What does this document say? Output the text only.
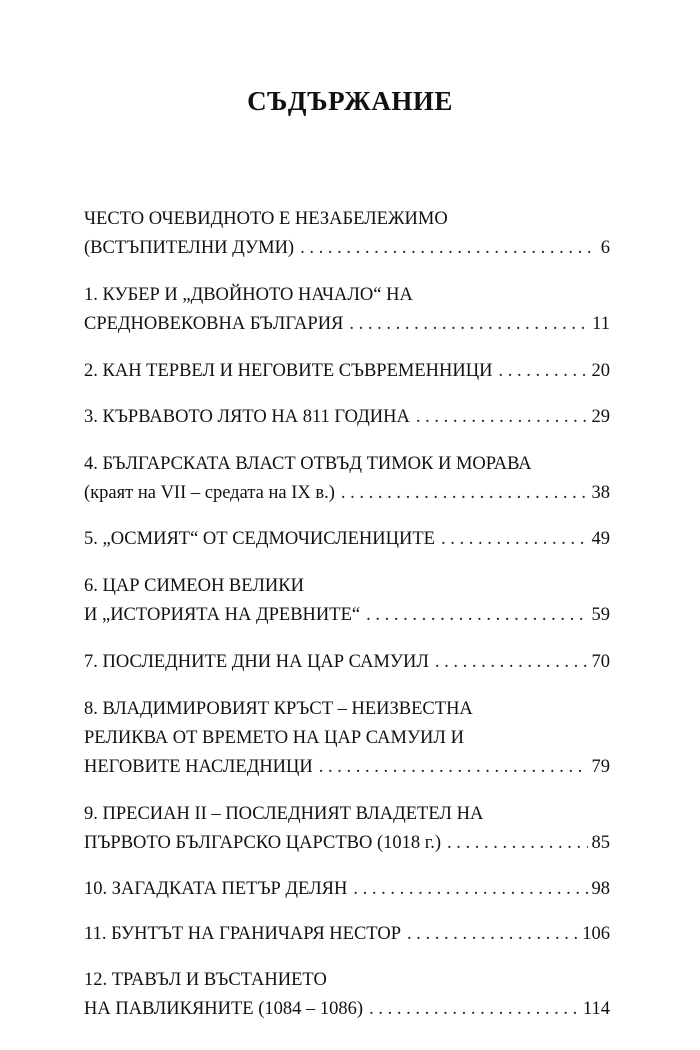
СЪДЪРЖАНИЕ
ЧЕСТО ОЧЕВИДНОТО Е НЕЗАБЕЛЕЖИМО
(ВСТЪПИТЕЛНИ ДУМИ) . . .	6
1. КУБЕР И „ДВОЙНОТО НАЧАЛО“ НА
СРЕДНОВЕКОВНА БЪЛГАРИЯ . . .	11
2. КАН ТЕРВЕЛ И НЕГОВИТЕ СЪВРЕМЕННИЦИ . . .	20
3. КЪРВАВОТО ЛЯТО НА 811 ГОДИНА . . .	29
4. БЪЛГАРСКАТА ВЛАСТ ОТВЪД ТИМОК И МОРАВА
(краят на VII – средата на IX в.) . . .	38
5. „ОСМИЯТ“ ОТ СЕДМОЧИСЛЕНИЦИТЕ . . .	49
6. ЦАР СИМЕОН ВЕЛИКИ
И „ИСТОРИЯТА НА ДРЕВНИТЕ“ . . .	59
7. ПОСЛЕДНИТЕ ДНИ НА ЦАР САМУИЛ . . .	70
8. ВЛАДИМИРОВИЯТ КРЪСТ – НЕИЗВЕСТНА
РЕЛИКВА ОТ ВРЕМЕТО НА ЦАР САМУИЛ И
НЕГОВИТЕ НАСЛЕДНИЦИ . . .	79
9. ПРЕСИАН II – ПОСЛЕДНИЯТ ВЛАДЕТЕЛ НА
ПЪРВОТО БЪЛГАРСКО ЦАРСТВО (1018 г.) . . .	85
10. ЗАГАДКАТА ПЕТЪР ДЕЛЯН . . .	98
11. БУНТЪТ НА ГРАНИЧАРЯ НЕСТОР . . .	106
12. ТРАВЪЛ И ВЪСТАНИЕТО
НА ПАВЛИКЯНИТЕ (1084 – 1086) . . .	114
